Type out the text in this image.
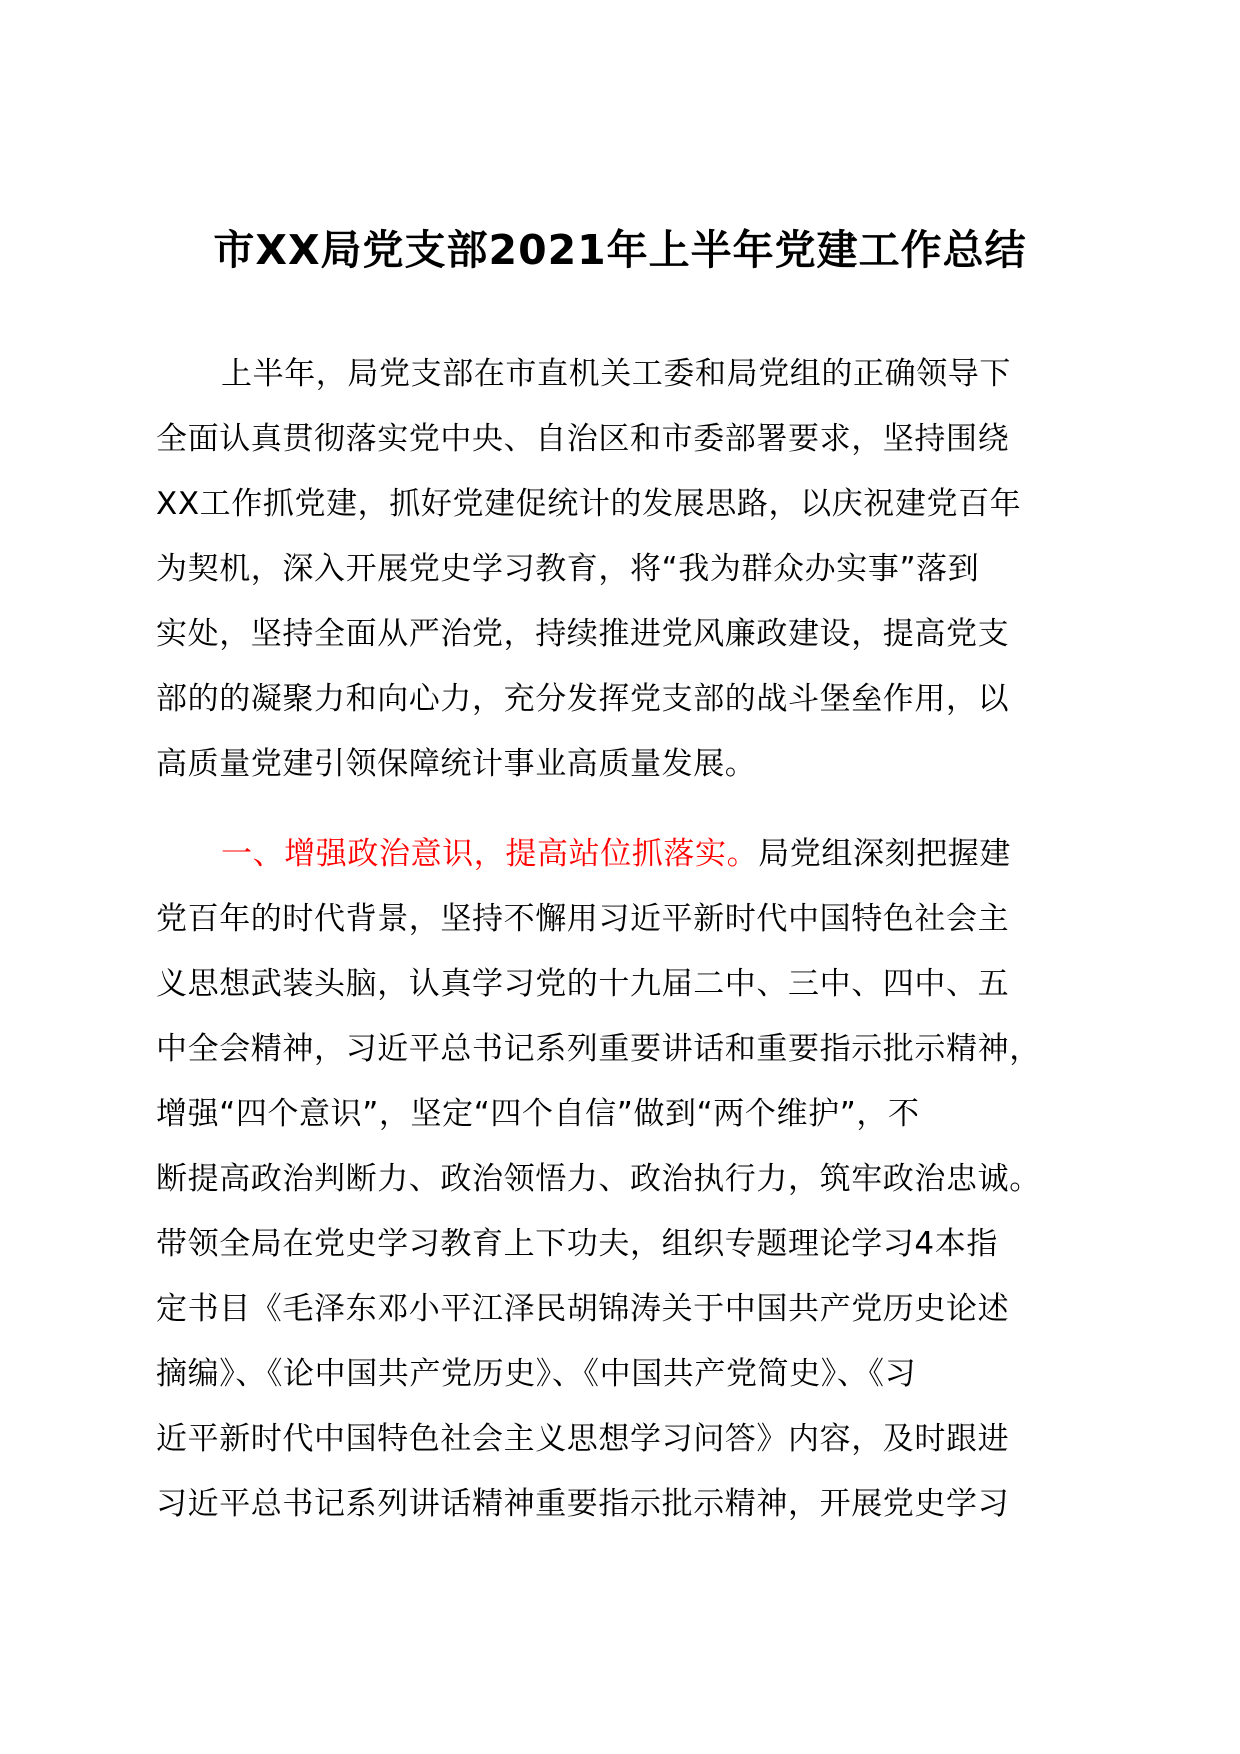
市XX局党支部2021年上半年党建工作总结
上半年，局党支部在市直机关工委和局党组的正确领导下
全面认真贯彻落实党中央、自治区和市委部署要求，坚持围绕
XX工作抓党建，抓好党建促统计的发展思路，以庆祝建党百年
为契机，深入开展党史学习教育，将“我为群众办实事”落到
实处，坚持全面从严治党，持续推进党风廉政建设，提高党支
部的的凝聚力和向心力，充分发挥党支部的战斗堡垒作用，以
高质量党建引领保障统计事业高质量发展。
一、增强政治意识，提高站位抓落实。局党组深刻把握建
党百年的时代背景，坚持不懈用习近平新时代中国特色社会主
义思想武装头脑，认真学习党的十九届二中、三中、四中、五
中全会精神，习近平总书记系列重要讲话和重要指示批示精神，
增强“四个意识”，坚定“四个自信”做到“两个维护”，不
断提高政治判断力、政治领悟力、政治执行力，筑牢政治忠诚。
带领全局在党史学习教育上下功夫，组织专题理论学习4本指
定书目《毛泽东邓小平江泽民胡锦涛关于中国共产党历史论述
摘编》、《论中国共产党历史》、《中国共产党简史》、《习
近平新时代中国特色社会主义思想学习问答》内容，及时跟进
习近平总书记系列讲话精神重要指示批示精神，开展党史学习
